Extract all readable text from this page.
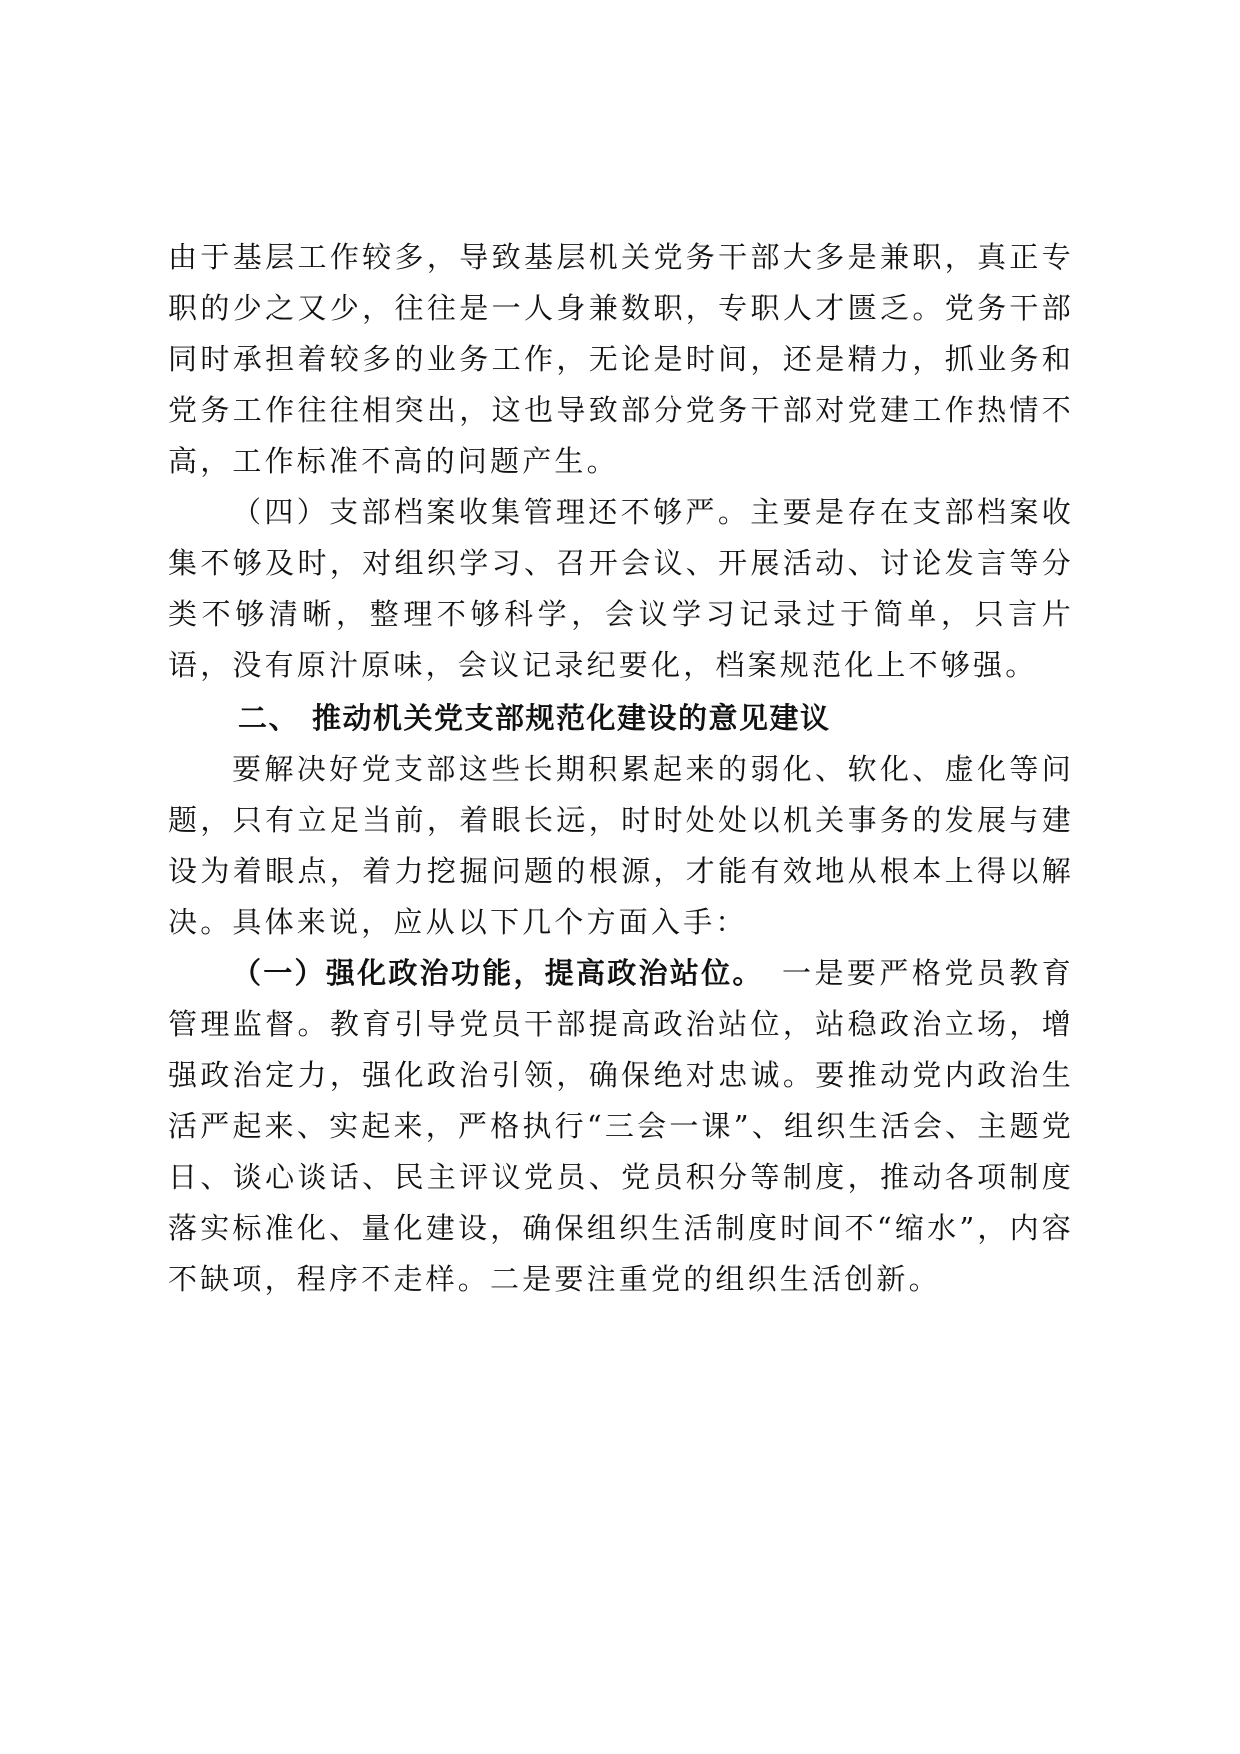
由于基层工作较多，导致基层机关党务干部大多是兼职，真正专职的少之又少，往往是一人身兼数职，专职人才匮乏。党务干部同时承担着较多的业务工作，无论是时间，还是精力，抓业务和党务工作往往相突出，这也导致部分党务干部对党建工作热情不高，工作标准不高的问题产生。

（四）支部档案收集管理还不够严。主要是存在支部档案收集不够及时，对组织学习、召开会议、开展活动、讨论发言等分类不够清晰，整理不够科学，会议学习记录过于简单，只言片语，没有原汁原味，会议记录纪要化，档案规范化上不够强。

二、 推动机关党支部规范化建设的意见建议

要解决好党支部这些长期积累起来的弱化、软化、虚化等问题，只有立足当前，着眼长远，时时处处以机关事务的发展与建设为着眼点，着力挖掘问题的根源，才能有效地从根本上得以解决。具体来说，应从以下几个方面入手：

（一）强化政治功能，提高政治站位。 一是要严格党员教育管理监督。教育引导党员干部提高政治站位，站稳政治立场，增强政治定力，强化政治引领，确保绝对忠诚。要推动党内政治生活严起来、实起来，严格执行“三会一课”、组织生活会、主题党日、谈心谈话、民主评议党员、党员积分等制度，推动各项制度落实标准化、量化建设，确保组织生活制度时间不“缩水”，内容不缺项，程序不走样。二是要注重党的组织生活创新。
